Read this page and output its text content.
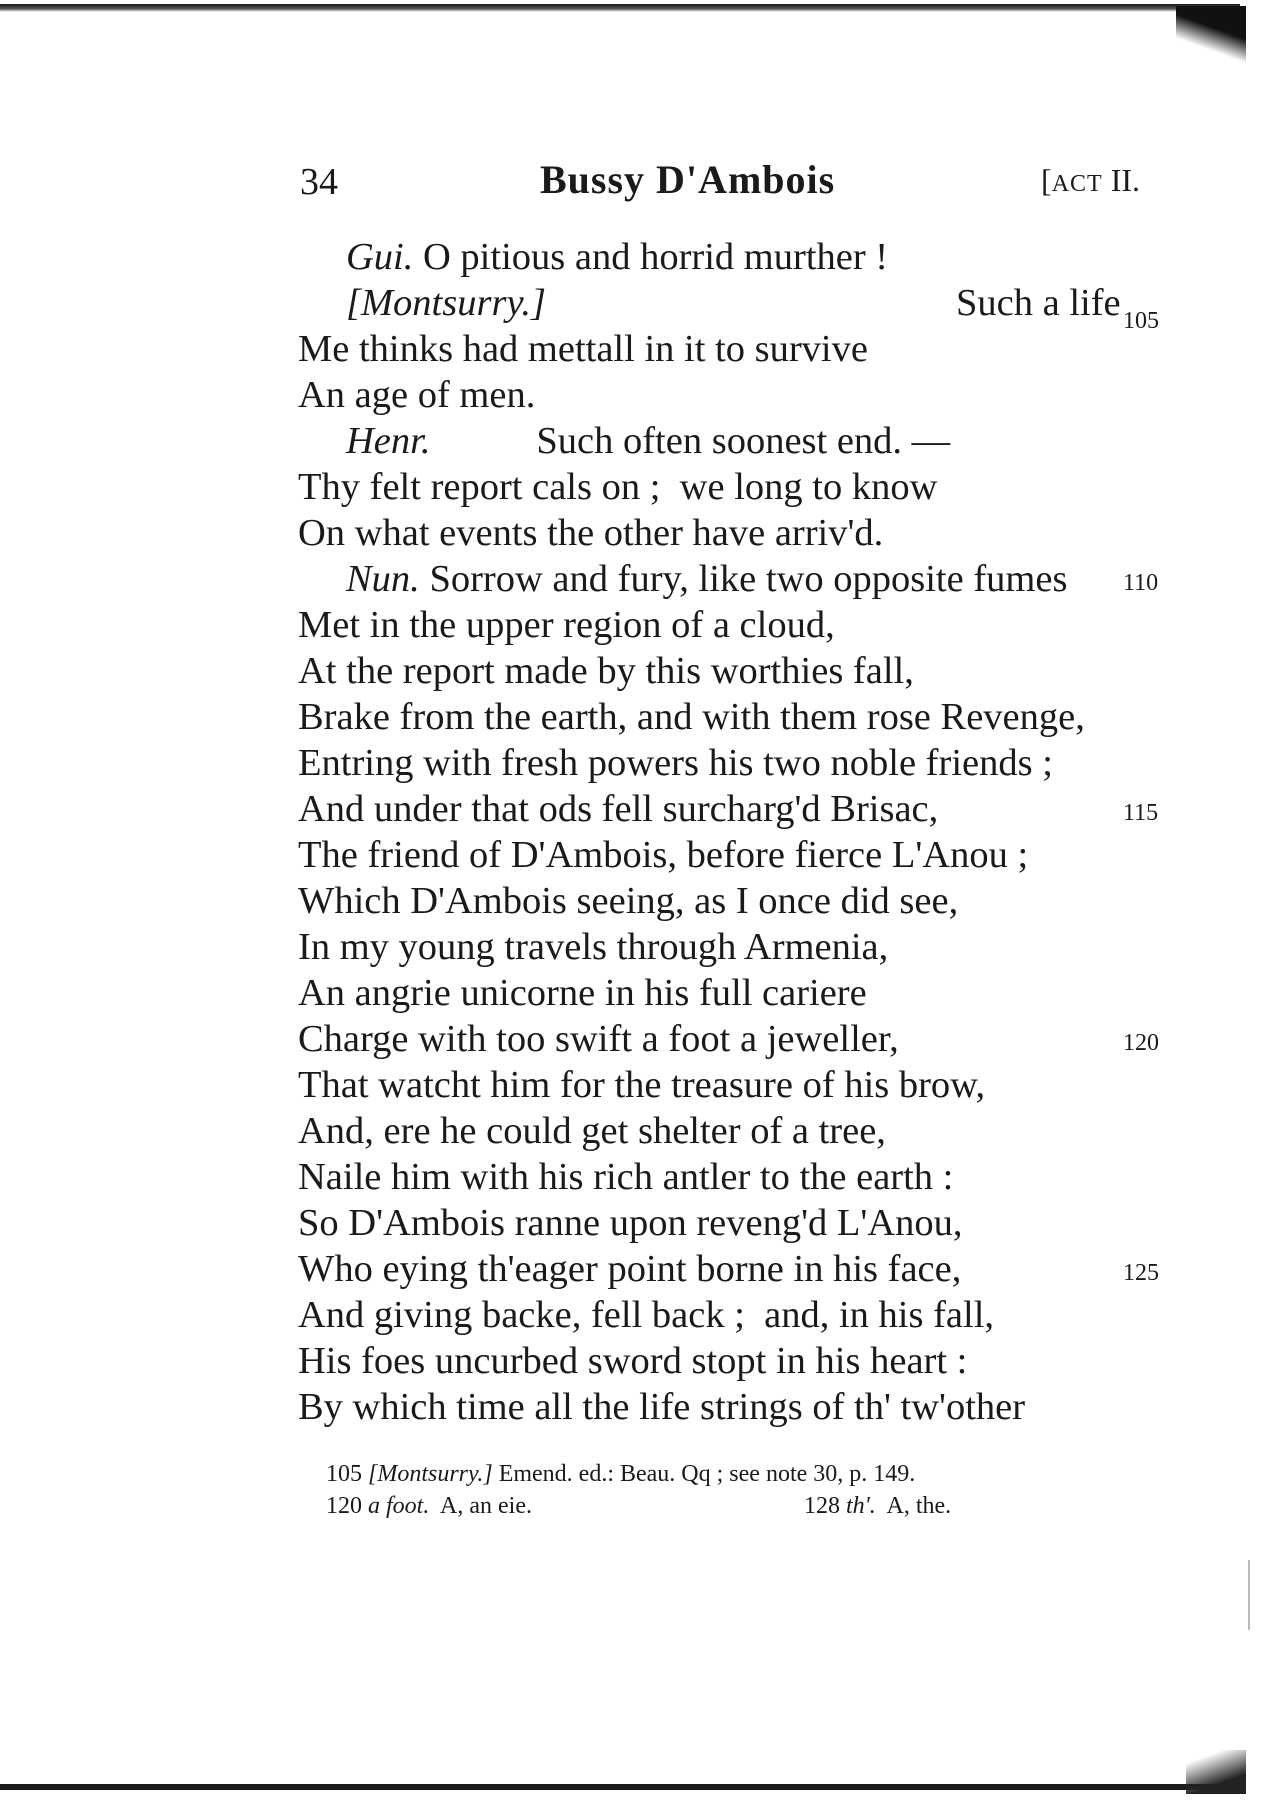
34	Bussy D'Ambois	[ACT II.
Gui. O pitious and horrid murther !
[Montsurry.]	Such a life 105
Me thinks had mettall in it to survive
An age of men.
Henr.           Such often soonest end. —
Thy felt report cals on ;  we long to know
On what events the other have arriv'd.
Nun. Sorrow and fury, like two opposite fumes 110
Met in the upper region of a cloud,
At the report made by this worthies fall,
Brake from the earth, and with them rose Revenge,
Entring with fresh powers his two noble friends ;
And under that ods fell surcharg'd Brisac,	115
The friend of D'Ambois, before fierce L'Anou ;
Which D'Ambois seeing, as I once did see,
In my young travels through Armenia,
An angrie unicorne in his full cariere
Charge with too swift a foot a jeweller,	120
That watcht him for the treasure of his brow,
And, ere he could get shelter of a tree,
Naile him with his rich antler to the earth :
So D'Ambois ranne upon reveng'd L'Anou,
Who eying th'eager point borne in his face,	125
And giving backe, fell back ;  and, in his fall,
His foes uncurbed sword stopt in his heart :
By which time all the life strings of th' tw'other
105 [Montsurry.] Emend. ed.: Beau. Qq ; see note 30, p. 149.
120 a foot.  A, an eie.	128 th'.  A, the.
